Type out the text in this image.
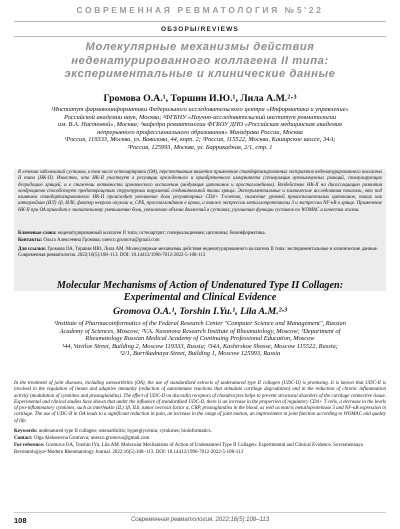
СОВРЕМЕННАЯ РЕВМАТОЛОГИЯ №5'22
ОБЗОРЫ/REVIEWS
Молекулярные механизмы действия неденатурированного коллагена II типа: экспериментальные и клинические данные
Громова О.А.¹, Торшин И.Ю.¹, Лила А.М.²·³
¹Институт фармакоинформатики Федерального исследовательского центра «Информатика и управление»
Российской академии наук, Москва; ²ФГБНУ «Научно-исследовательский институт ревматологии
им. В.А. Насоновой», Москва; ³кафедра ревматологии ФГБОУ ДПО «Российская медицинская академия
непрерывного профессионального образования» Минздрава России, Москва
¹Россия, 119333, Москва, ул. Вавилова, 44, корп. 2; ²Россия, 115522, Москва, Каширское шоссе, 34А;
³Россия, 125993, Москва, ул. Баррикадная, 2/1, стр. 1
В лечении заболеваний суставов, в том числе остеоартрита (ОА), перспективным является применение стандартизированных экстрактов неденатурированного коллагена II типа (НК-II). Известно, что НК-II участвует в регуляции врожденного и приобретенного иммунитета (стимуляция аутоиммунных реакций, стимулирующих деградацию хрящей, и в снижении активности хронического воспаления (модуляция цитокинов и простагландинов). Воздействие НК-II на дисассоциацию развития хондроцитов способствует предотвращению структурных нарушений соединительной ткани хряща. Экспериментальные и клинические исследования показали, что под влиянием стандартизированного НК-II происходит увеличение доли регуляторных CD4+ Т-клеток, снижение уровней провоспалительных цитокинов, таких как интерлейкин (ИЛ) 1β, ИЛ6, фактор некроза опухоли α, СРБ, простагландинов в крови, а также экспрессии металлопротеиназы 3 и экспрессии NF-κB в хряще. Применение НК-II при ОА приводит к значительному уменьшению боли, увеличению объема движений в суставах, улучшению функции суставов по WOMAC и качества жизни.
Ключевые слова: неденатурированный коллаген II типа; остеоартрит; гиперкальциемия; цитокины; биоинформатика.
Контакты: Ольга Алексеевна Громова; unesco.gromova@gmail.com
Для ссылки: Громова ОА, Торшин ИЮ, Лила АМ. Молекулярные механизмы действия неденатурированного коллагена II типа: экспериментальные и клинические данные. Современная ревматология. 2022;16(5):108–113. DOI: 10.14412/1996-7012-2022-5-108-113
Molecular Mechanisms of Action of Undenatured Type II Collagen:
Experimental and Clinical Evidence
Gromova O.A.¹, Torshin I.Yu.¹, Lila A.M.²·³
¹Institute of Pharmacoinformatics of the Federal Research Center "Computer Science and Management", Russian
Academy of Sciences, Moscow; ²V.A. Nasonova Research Institute of Rheumatology, Moscow; ³Department of
Rheumatology Russian Medical Academy of Continuing Professional Education, Moscow
¹44, Vavilov Street, Building 2, Moscow 119333, Russia; ²34A, Kashirskoe Shosse, Moscow 115522, Russia;
³2/1, Barrikadnaya Street, Building 1, Moscow 125993, Russia
In the treatment of joint diseases, including osteoarthritis (OA), the use of standardized extracts of undenatured type II collagen (UDC-II) is promising. It is known that UDC-II is involved in the regulation of innate and adaptive immunity (reduction of autoimmune reactions that stimulate cartilage degradation) and in the reduction of chronic inflammation activity (modulation of cytokines and prostaglandins). The effect of UDC-II on discoidin receptors of chondrocytes helps to prevent structural disorders of the cartilage connective tissue. Experimental and clinical studies have shown that under the influence of standardized UDC-II, there is an increase in the proportion of regulatory CD4+ T cells, a decrease in the levels of pro-inflammatory cytokines, such as interleukin (IL) 1β, IL6, tumor necrosis factor α, CRP, prostaglandins in the blood, as well as matrix metalloproteinase 3 and NF-κB expression in cartilage. The use of UDC-II in OA leads to a significant reduction in pain, an increase in the range of joint motion, an improvement in joint function according to WOMAC and quality of life.
Keywords: undenatured type II collagen; osteoarthritis; hyperglycemia; cytokines; bioinformatics.
Contact: Olga Alekseevna Gromova; unesco.gromova@gmail.com
For reference: Gromova OA, Torshin IYu, Lila AM. Molecular Mechanisms of Action of Undenatured Type II Collagen: Experimental and Clinical Evidence. Sovremennaya Revmatologiya=Modern Rheumatology Journal. 2022;16(5):108–113. DOI: 10.14412/1996-7012-2022-5-108-113
108	Современная ревматология. 2022;16(5):108–113
